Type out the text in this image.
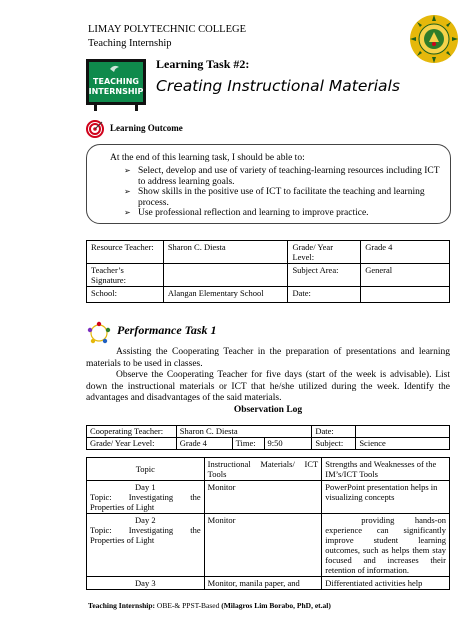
LIMAY POLYTECHNIC COLLEGE
Teaching Internship
TEACHING
INTERNSHIP
Learning Task #2:
Creating Instructional Materials
Learning Outcome
At the end of this learning task, I should be able to:
➢ Select, develop and use of variety of teaching-learning resources including ICT to address learning goals.
➢ Show skills in the positive use of ICT to facilitate the teaching and learning process.
➢ Use professional reflection and learning to improve practice.
Resource Teacher:	Sharon C. Diesta	Grade/ Year Level:	Grade 4
Teacher’s Signature:		Subject Area:	General
School:	Alangan Elementary School	Date:	
Performance Task 1
Assisting the Cooperating Teacher in the preparation of presentations and learning materials to be used in classes.
Observe the Cooperating Teacher for five days (start of the week is advisable). List down the instructional materials or ICT that he/she utilized during the week. Identify the advantages and disadvantages of the said materials.
Observation Log
Cooperating Teacher:	Sharon C. Diesta			Date:	
Grade/ Year Level:	Grade 4	Time:	9:50	Subject:	Science
Topic	Instructional Materials/ ICT Tools	Strengths and Weaknesses of the IM’s/ICT Tools

Day 1
Topic: Investigating the Properties of Light	Monitor	PowerPoint presentation helps in visualizing concepts

Day 2
Topic: Investigating the Properties of Light	Monitor	providing hands-on experience can significantly improve student learning outcomes, such as helps them stay focused and increases their retention of information.

Day 3	Monitor, manila paper, and	Differentiated activities help
Teaching Internship: OBE-& PPST-Based (Milagros Lim Borabo, PhD, et.al)
